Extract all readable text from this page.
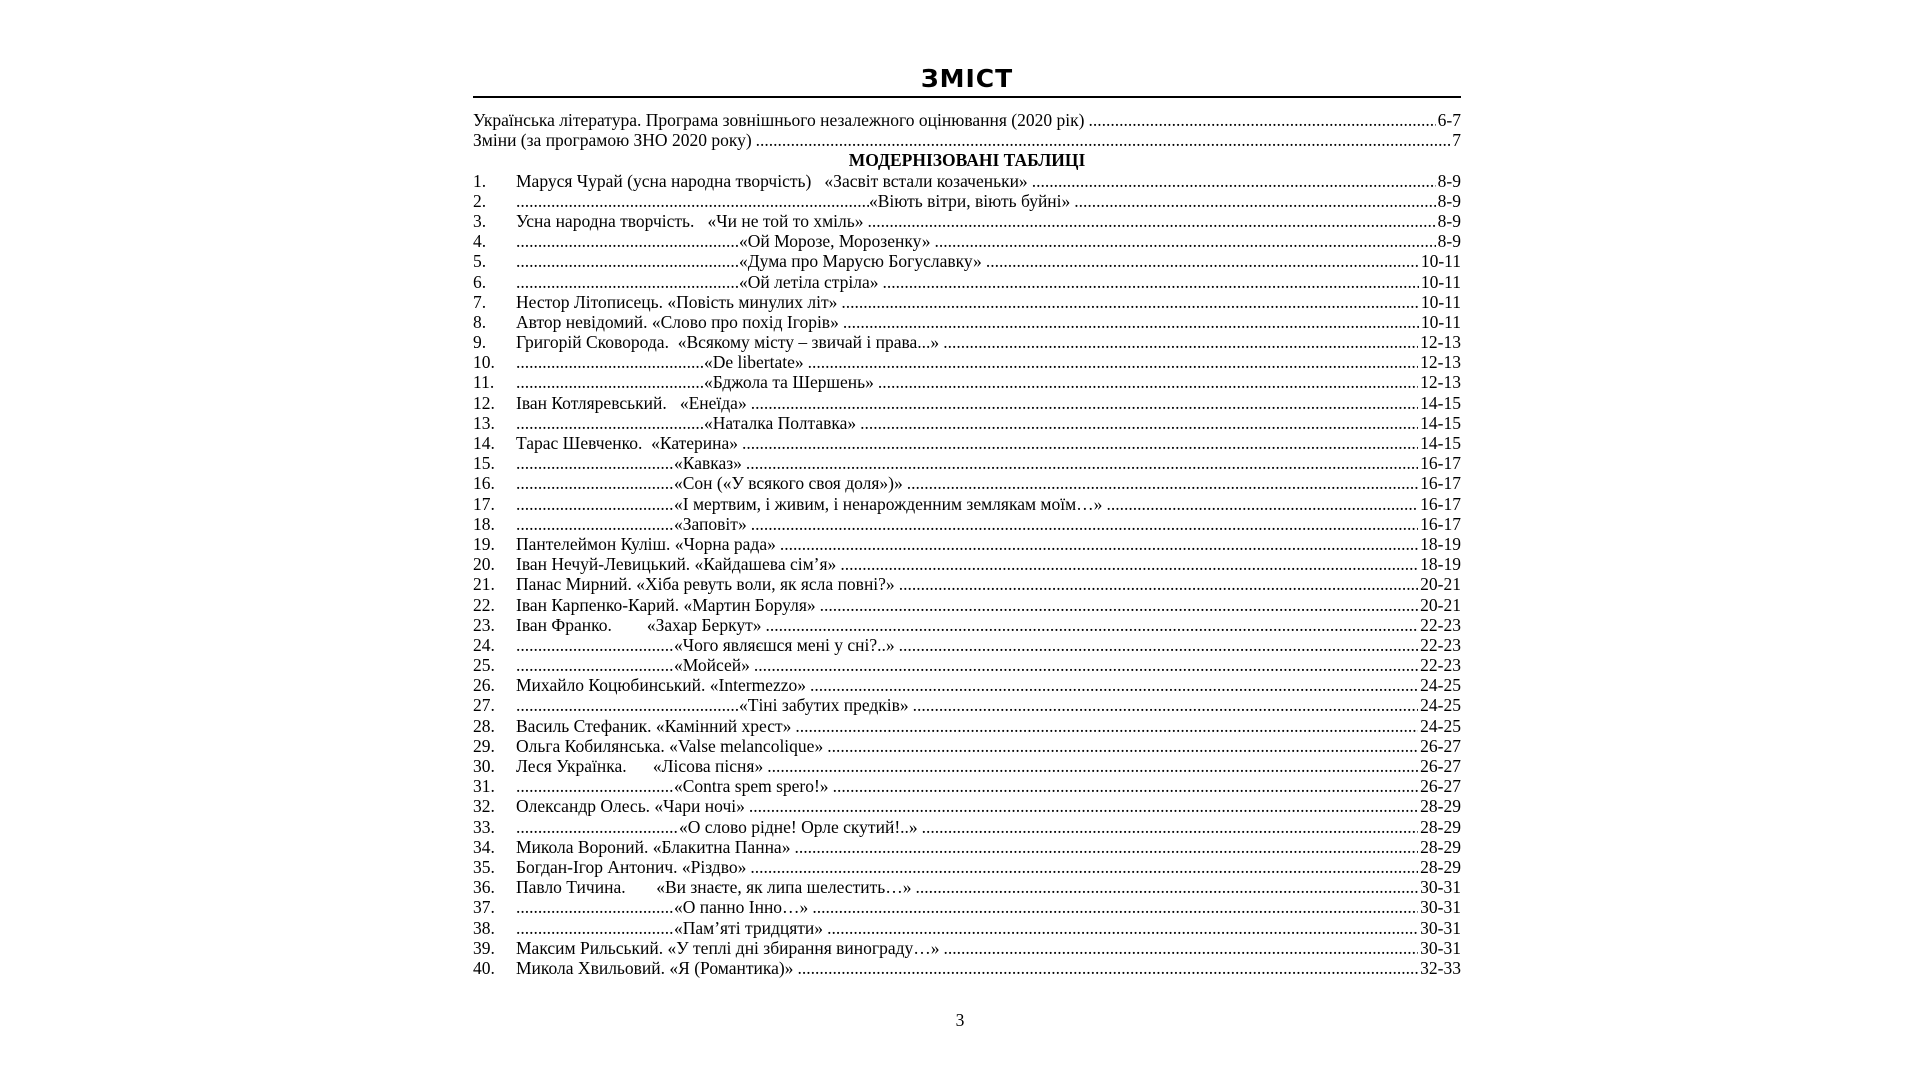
ЗМІСТ
Українська література. Програма зовнішнього незалежного оцінювання (2020 рік) .....	6-7
Зміни (за програмою ЗНО 2020 року) .....	7
МОДЕРНІЗОВАНІ ТАБЛИЦІ
1.	Маруся Чурай (усна народна творчість)   «Засвіт встали козаченьки» .....	8-9
2. .....	«Віють вітри, віють буйні» .....	8-9
3.	Усна народна творчість.   «Чи не той то хміль» .....	8-9
4. .....	«Ой Морозе, Морозенку» .....	8-9
5. .....	«Дума про Марусю Богуславку» .....	10-11
6. .....	«Ой летіла стріла» .....	10-11
7.	Нестор Літописець. «Повість минулих літ» .....	10-11
8.	Автор невідомий. «Слово про похід Ігорів» .....	10-11
9.	Григорій Сковорода.  «Всякому місту – звичай і права...» .....	12-13
10. .....	«De libertate» .....	12-13
11. .....	«Бджола та Шершень» .....	12-13
12.	Іван Котляревський.   «Енеїда» .....	14-15
13. .....	«Наталка Полтавка» .....	14-15
14.	Тарас Шевченко.  «Катерина» .....	14-15
15. .....	«Кавказ» .....	16-17
16. .....	«Сон («У всякого своя доля»)» .....	16-17
17. .....	«І мертвим, і живим, і ненарожденним землякам моїм…» .....	16-17
18. .....	«Заповіт» .....	16-17
19.	Пантелеймон Куліш. «Чорна рада» .....	18-19
20.	Іван Нечуй-Левицький. «Кайдашева сім’я» .....	18-19
21.	Панас Мирний. «Хіба ревуть воли, як ясла повні?» .....	20-21
22.	Іван Карпенко-Карий. «Мартин Боруля» .....	20-21
23.	Іван Франко.        «Захар Беркут» .....	22-23
24. .....	«Чого являєшся мені у сні?..» .....	22-23
25. .....	«Мойсей» .....	22-23
26.	Михайло Коцюбинський. «Intermezzo» .....	24-25
27. .....	«Тіні забутих предків» .....	24-25
28.	Василь Стефаник. «Камінний хрест» .....	24-25
29.	Ольга Кобилянська. «Valse melancolique» .....	26-27
30.	Леся Українка.      «Лісова пісня» .....	26-27
31. .....	«Contra spem spero!» .....	26-27
32.	Олександр Олесь. «Чари ночі» .....	28-29
33. .....	«О слово рідне! Орле скутий!..» .....	28-29
34.	Микола Вороний. «Блакитна Панна» .....	28-29
35.	Богдан-Ігор Антонич. «Різдво» .....	28-29
36.	Павло Тичина.       «Ви знаєте, як липа шелестить…» .....	30-31
37. .....	«О панно Інно…» .....	30-31
38. .....	«Пам’яті тридцяти» .....	30-31
39.	Максим Рильський. «У теплі дні збирання винограду…» .....	30-31
40.	Микола Хвильовий. «Я (Романтика)» .....	32-33
3
